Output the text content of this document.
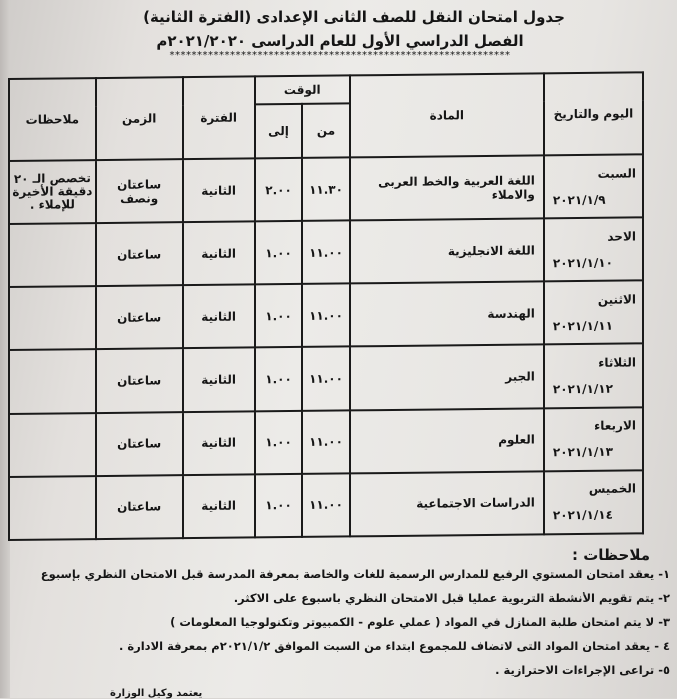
جدول امتحان النقل للصف الثانى الإعدادى (الفترة الثانية)
الفصل الدراسي الأول للعام الدراسى ٢٠٢١/٢٠٢٠م
**************************************************************
اليوم والتاريخ	المادة	الوقت		الفترة	الزمن	ملاحظات
		من	إلى			

السبت
٢٠٢١/١/٩	اللغة العربية والخط العربى والاملاء	١١.٣٠	٢.٠٠	الثانية	ساعتان ونصف	تخصص الـ ٢٠ دقيقة الأخيرة للإملاء .

الاحد
٢٠٢١/١/١٠	اللغة الانجليزية	١١.٠٠	١.٠٠	الثانية	ساعتان	

الاثنين
٢٠٢١/١/١١	الهندسة	١١.٠٠	١.٠٠	الثانية	ساعتان	

الثلاثاء
٢٠٢١/١/١٢	الجبر	١١.٠٠	١.٠٠	الثانية	ساعتان	

الاربعاء
٢٠٢١/١/١٣	العلوم	١١.٠٠	١.٠٠	الثانية	ساعتان	

الخميس
٢٠٢١/١/١٤	الدراسات الاجتماعية	١١.٠٠	١.٠٠	الثانية	ساعتان	
ملاحظات :
١- يعقد امتحان المستوي الرفيع للمدارس الرسمية للغات والخاصة بمعرفة المدرسة قبل الامتحان النظري بإسبوع
٢- يتم تقويم الأنشطة التربوية عمليا قبل الامتحان النظري باسبوع على الاكثر.
٣- لا يتم امتحان طلبة المنازل في المواد ( عملي علوم - الكمبيوتر وتكنولوجيا المعلومات )
٤ - يعقد امتحان المواد التى لاتضاف للمجموع ابتداء من السبت الموافق ٢٠٢١/١/٢م بمعرفة الادارة .
٥- تراعى الإجراءات الاحترازية .
يعتمد وكيل الوزارة
